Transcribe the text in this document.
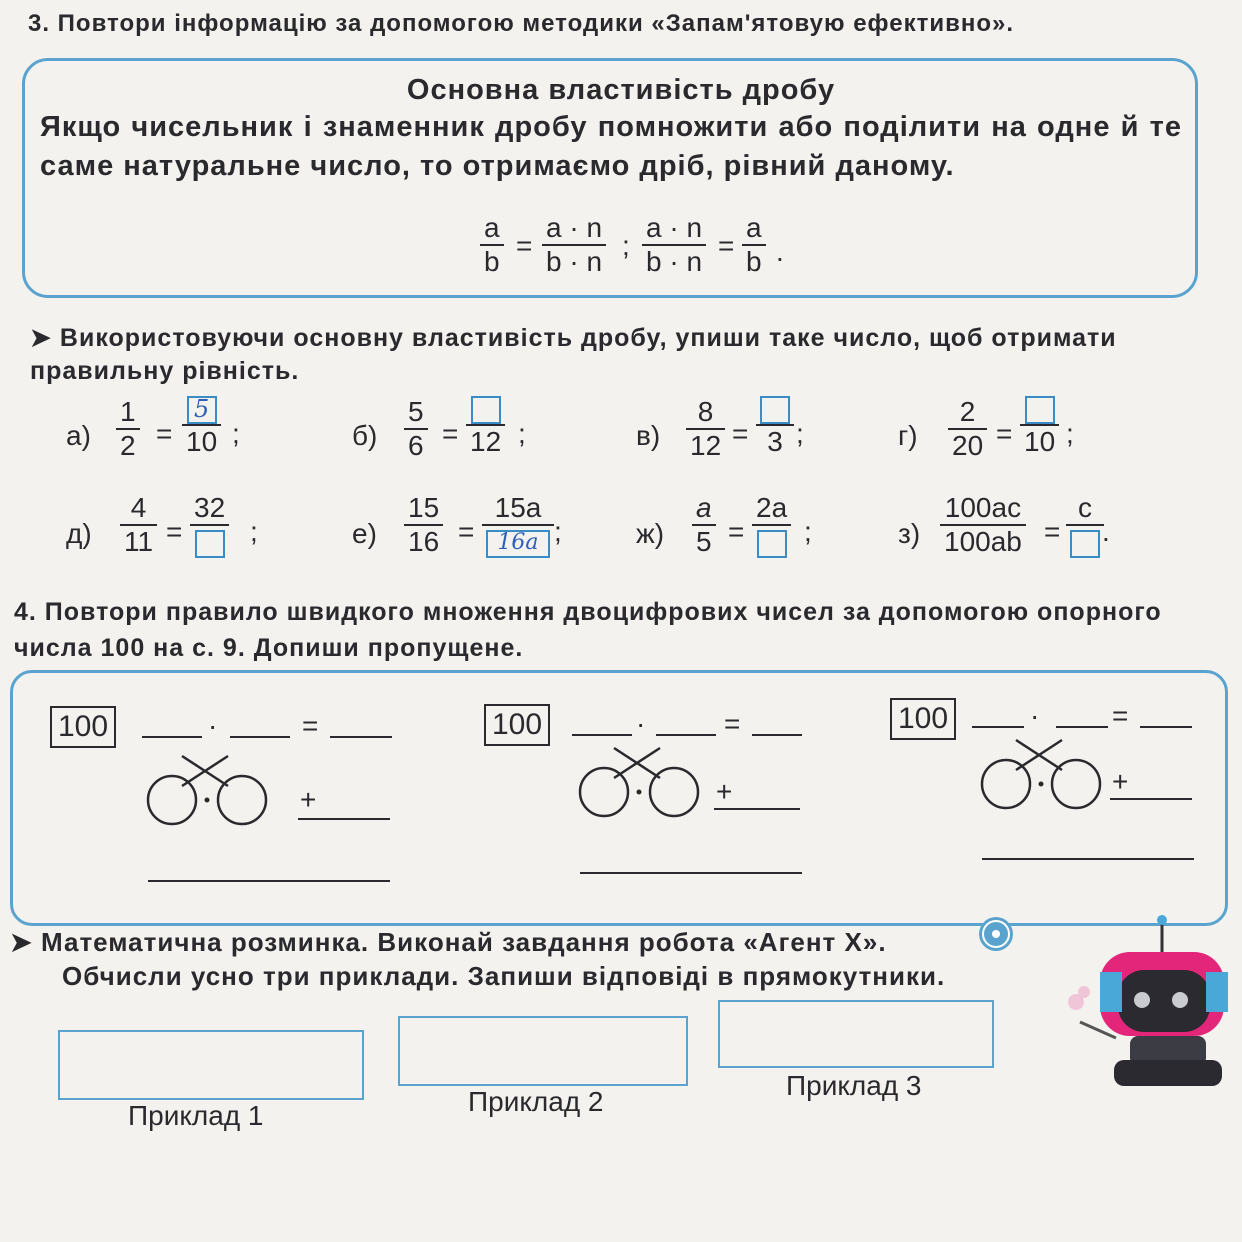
3. Повтори інформацію за допомогою методики «Запам'ятовую ефективно».
Основна властивість дробу
Якщо чисельник і знаменник дробу помножити або поділити на одне й те саме натуральне число, то отримаємо дріб, рівний даному.
a
b
=
a · n
b · n
;
a · n
b · n
=
a
b .
➤ Використовуючи основну властивість дробу, упиши таке число, щоб отримати правильну рівність.
а)
1
2 =
5
10 ;	б)
5
6 = 12 ;	в)
8
12 = 3 ;	г)
2
20 = 10 ;
д)
4
11 =
32
;	е)
15
16 =
15a
16a ;	ж)
a
5 =
2a
;	з)
100ac
100ab =
c
.
4. Повтори правило швидкого множення двоцифрових чисел за допомогою опорного числа 100 на с. 9. Допиши пропущене.
100	·	=
+
100	·	=
+
100	·	=
+
➤ Математична розминка. Виконай завдання робота «Агент Х».
Обчисли усно три приклади. Запиши відповіді в прямокутники.
Приклад 1	Приклад 2
Приклад 3
